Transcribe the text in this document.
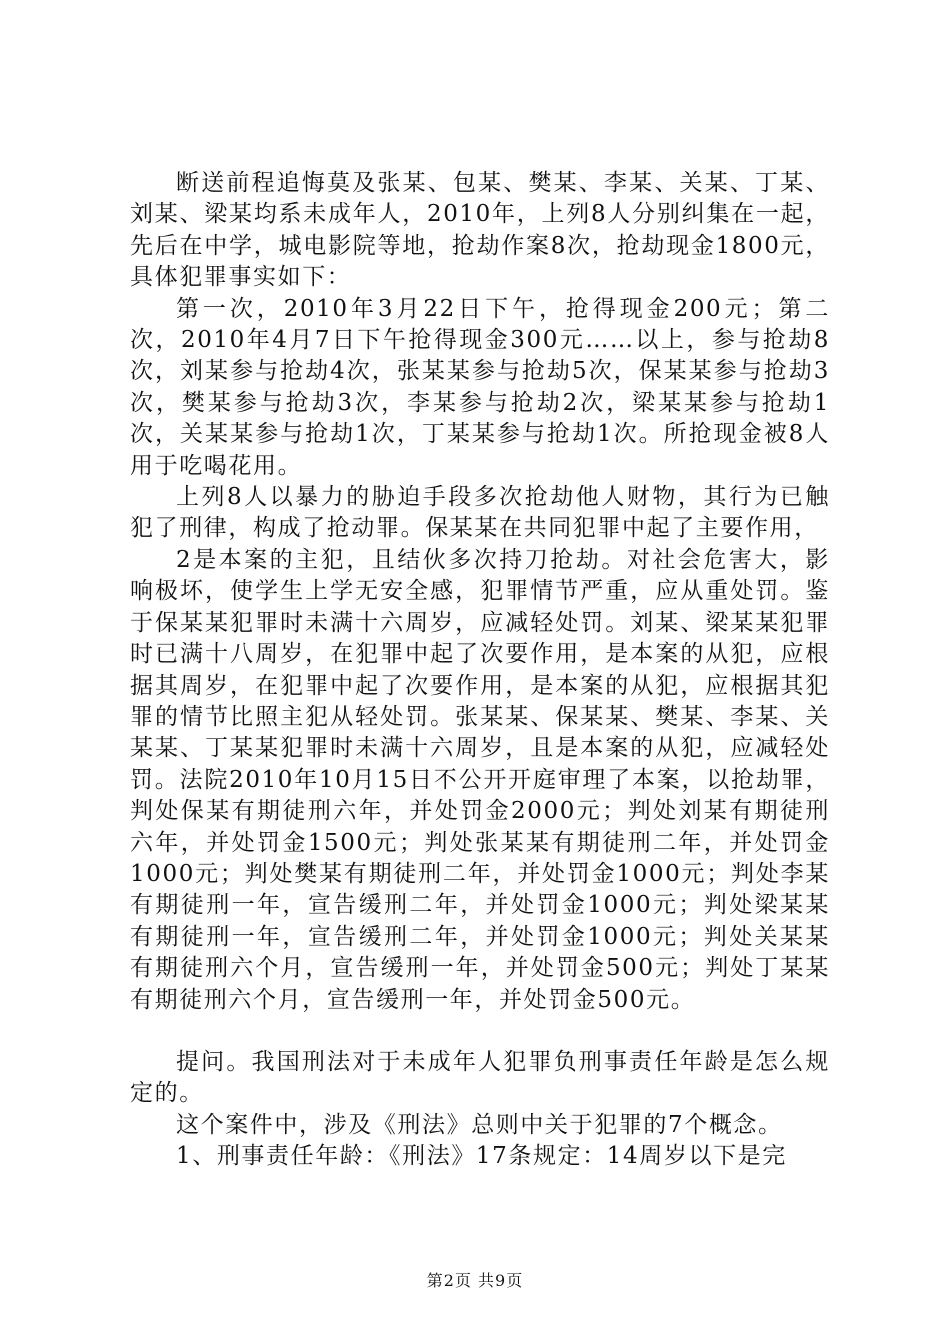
断送前程追悔莫及张某、包某、樊某、李某、关某、丁某、刘某、梁某均系未成年人，2010年，上列8人分别纠集在一起，先后在中学，城电影院等地，抢劫作案8次，抢劫现金1800元，具体犯罪事实如下：

第一次，2010年3月22日下午，抢得现金200元；第二次，2010年4月7日下午抢得现金300元……以上，参与抢劫8次，刘某参与抢劫4次，张某某参与抢劫5次，保某某参与抢劫3次，樊某参与抢劫3次，李某参与抢劫2次，梁某某参与抢劫1次，关某某参与抢劫1次，丁某某参与抢劫1次。所抢现金被8人用于吃喝花用。

上列8人以暴力的胁迫手段多次抢劫他人财物，其行为已触犯了刑律，构成了抢动罪。保某某在共同犯罪中起了主要作用，

2是本案的主犯，且结伙多次持刀抢劫。对社会危害大，影响极坏，使学生上学无安全感，犯罪情节严重，应从重处罚。鉴于保某某犯罪时未满十六周岁，应减轻处罚。刘某、梁某某犯罪时已满十八周岁，在犯罪中起了次要作用，是本案的从犯，应根据其周岁，在犯罪中起了次要作用，是本案的从犯，应根据其犯罪的情节比照主犯从轻处罚。张某某、保某某、樊某、李某、关某某、丁某某犯罪时未满十六周岁，且是本案的从犯，应减轻处罚。法院2010年10月15日不公开开庭审理了本案，以抢劫罪，判处保某有期徒刑六年，并处罚金2000元；判处刘某有期徒刑六年，并处罚金1500元；判处张某某有期徒刑二年，并处罚金1000元；判处樊某有期徒刑二年，并处罚金1000元；判处李某有期徒刑一年，宣告缓刑二年，并处罚金1000元；判处梁某某有期徒刑一年，宣告缓刑二年，并处罚金1000元；判处关某某有期徒刑六个月，宣告缓刑一年，并处罚金500元；判处丁某某有期徒刑六个月，宣告缓刑一年，并处罚金500元。

提问。我国刑法对于未成年人犯罪负刑事责任年龄是怎么规定的。

这个案件中，涉及《刑法》总则中关于犯罪的7个概念。

1、刑事责任年龄：《刑法》17条规定：14周岁以下是完

第2页 共9页
